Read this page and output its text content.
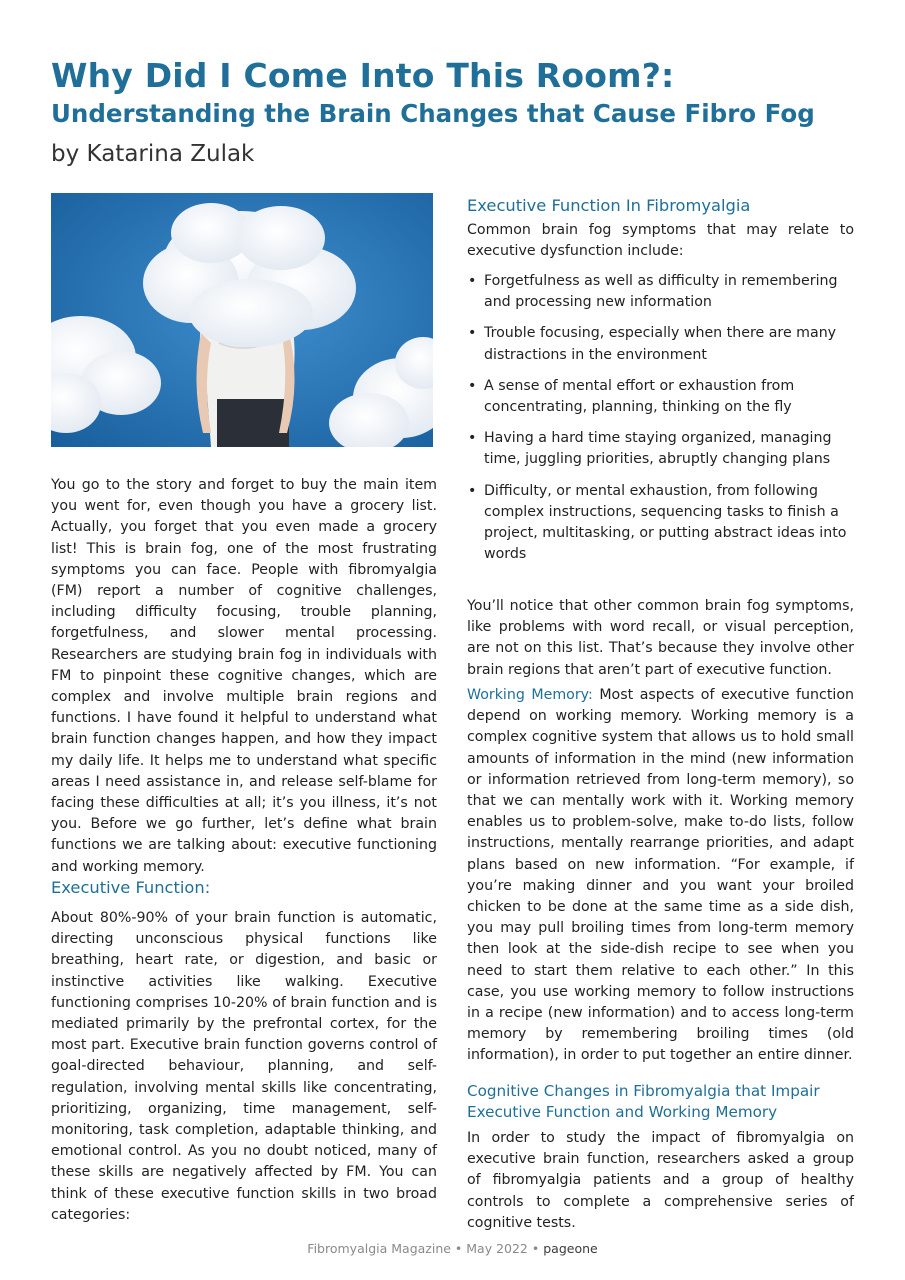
Why Did I Come Into This Room?:
Understanding the Brain Changes that Cause Fibro Fog
by Katarina Zulak

You go to the story and forget to buy the main item you went for, even though you have a grocery list. Actually, you forget that you even made a grocery list! This is brain fog, one of the most frustrating symptoms you can face. People with fibromyalgia (FM) report a number of cognitive challenges, including difficulty focusing, trouble planning, forgetfulness, and slower mental processing. Researchers are studying brain fog in individuals with FM to pinpoint these cognitive changes, which are complex and involve multiple brain regions and functions. I have found it helpful to understand what brain function changes happen, and how they impact my daily life. It helps me to understand what specific areas I need assistance in, and release self-blame for facing these difficulties at all; it’s you illness, it’s not you. Before we go further, let’s define what brain functions we are talking about: executive functioning and working memory.

Executive Function:

About 80%-90% of your brain function is automatic, directing unconscious physical functions like breathing, heart rate, or digestion, and basic or instinctive activities like walking. Executive functioning comprises 10-20% of brain function and is mediated primarily by the prefrontal cortex, for the most part. Executive brain function governs control of goal-directed behaviour, planning, and self-regulation, involving mental skills like concentrating, prioritizing, organizing, time management, self-monitoring, task completion, adaptable thinking, and emotional control. As you no doubt noticed, many of these skills are negatively affected by FM. You can think of these executive function skills in two broad categories:

Executive Function In Fibromyalgia

Common brain fog symptoms that may relate to executive dysfunction include:

• Forgetfulness as well as difficulty in remembering and processing new information
• Trouble focusing, especially when there are many distractions in the environment
• A sense of mental effort or exhaustion from concentrating, planning, thinking on the fly
• Having a hard time staying organized, managing time, juggling priorities, abruptly changing plans
• Difficulty, or mental exhaustion, from following complex instructions, sequencing tasks to finish a project, multitasking, or putting abstract ideas into words

You’ll notice that other common brain fog symptoms, like problems with word recall, or visual perception, are not on this list. That’s because they involve other brain regions that aren’t part of executive function.

Working Memory: Most aspects of executive function depend on working memory. Working memory is a complex cognitive system that allows us to hold small amounts of information in the mind (new information or information retrieved from long-term memory), so that we can mentally work with it. Working memory enables us to problem-solve, make to-do lists, follow instructions, mentally rearrange priorities, and adapt plans based on new information. “For example, if you’re making dinner and you want your broiled chicken to be done at the same time as a side dish, you may pull broiling times from long-term memory then look at the side-dish recipe to see when you need to start them relative to each other.” In this case, you use working memory to follow instructions in a recipe (new information) and to access long-term memory by remembering broiling times (old information), in order to put together an entire dinner.

Cognitive Changes in Fibromyalgia that Impair Executive Function and Working Memory

In order to study the impact of fibromyalgia on executive brain function, researchers asked a group of fibromyalgia patients and a group of healthy controls to complete a comprehensive series of cognitive tests.

Fibromyalgia Magazine • May 2022 • pageone
